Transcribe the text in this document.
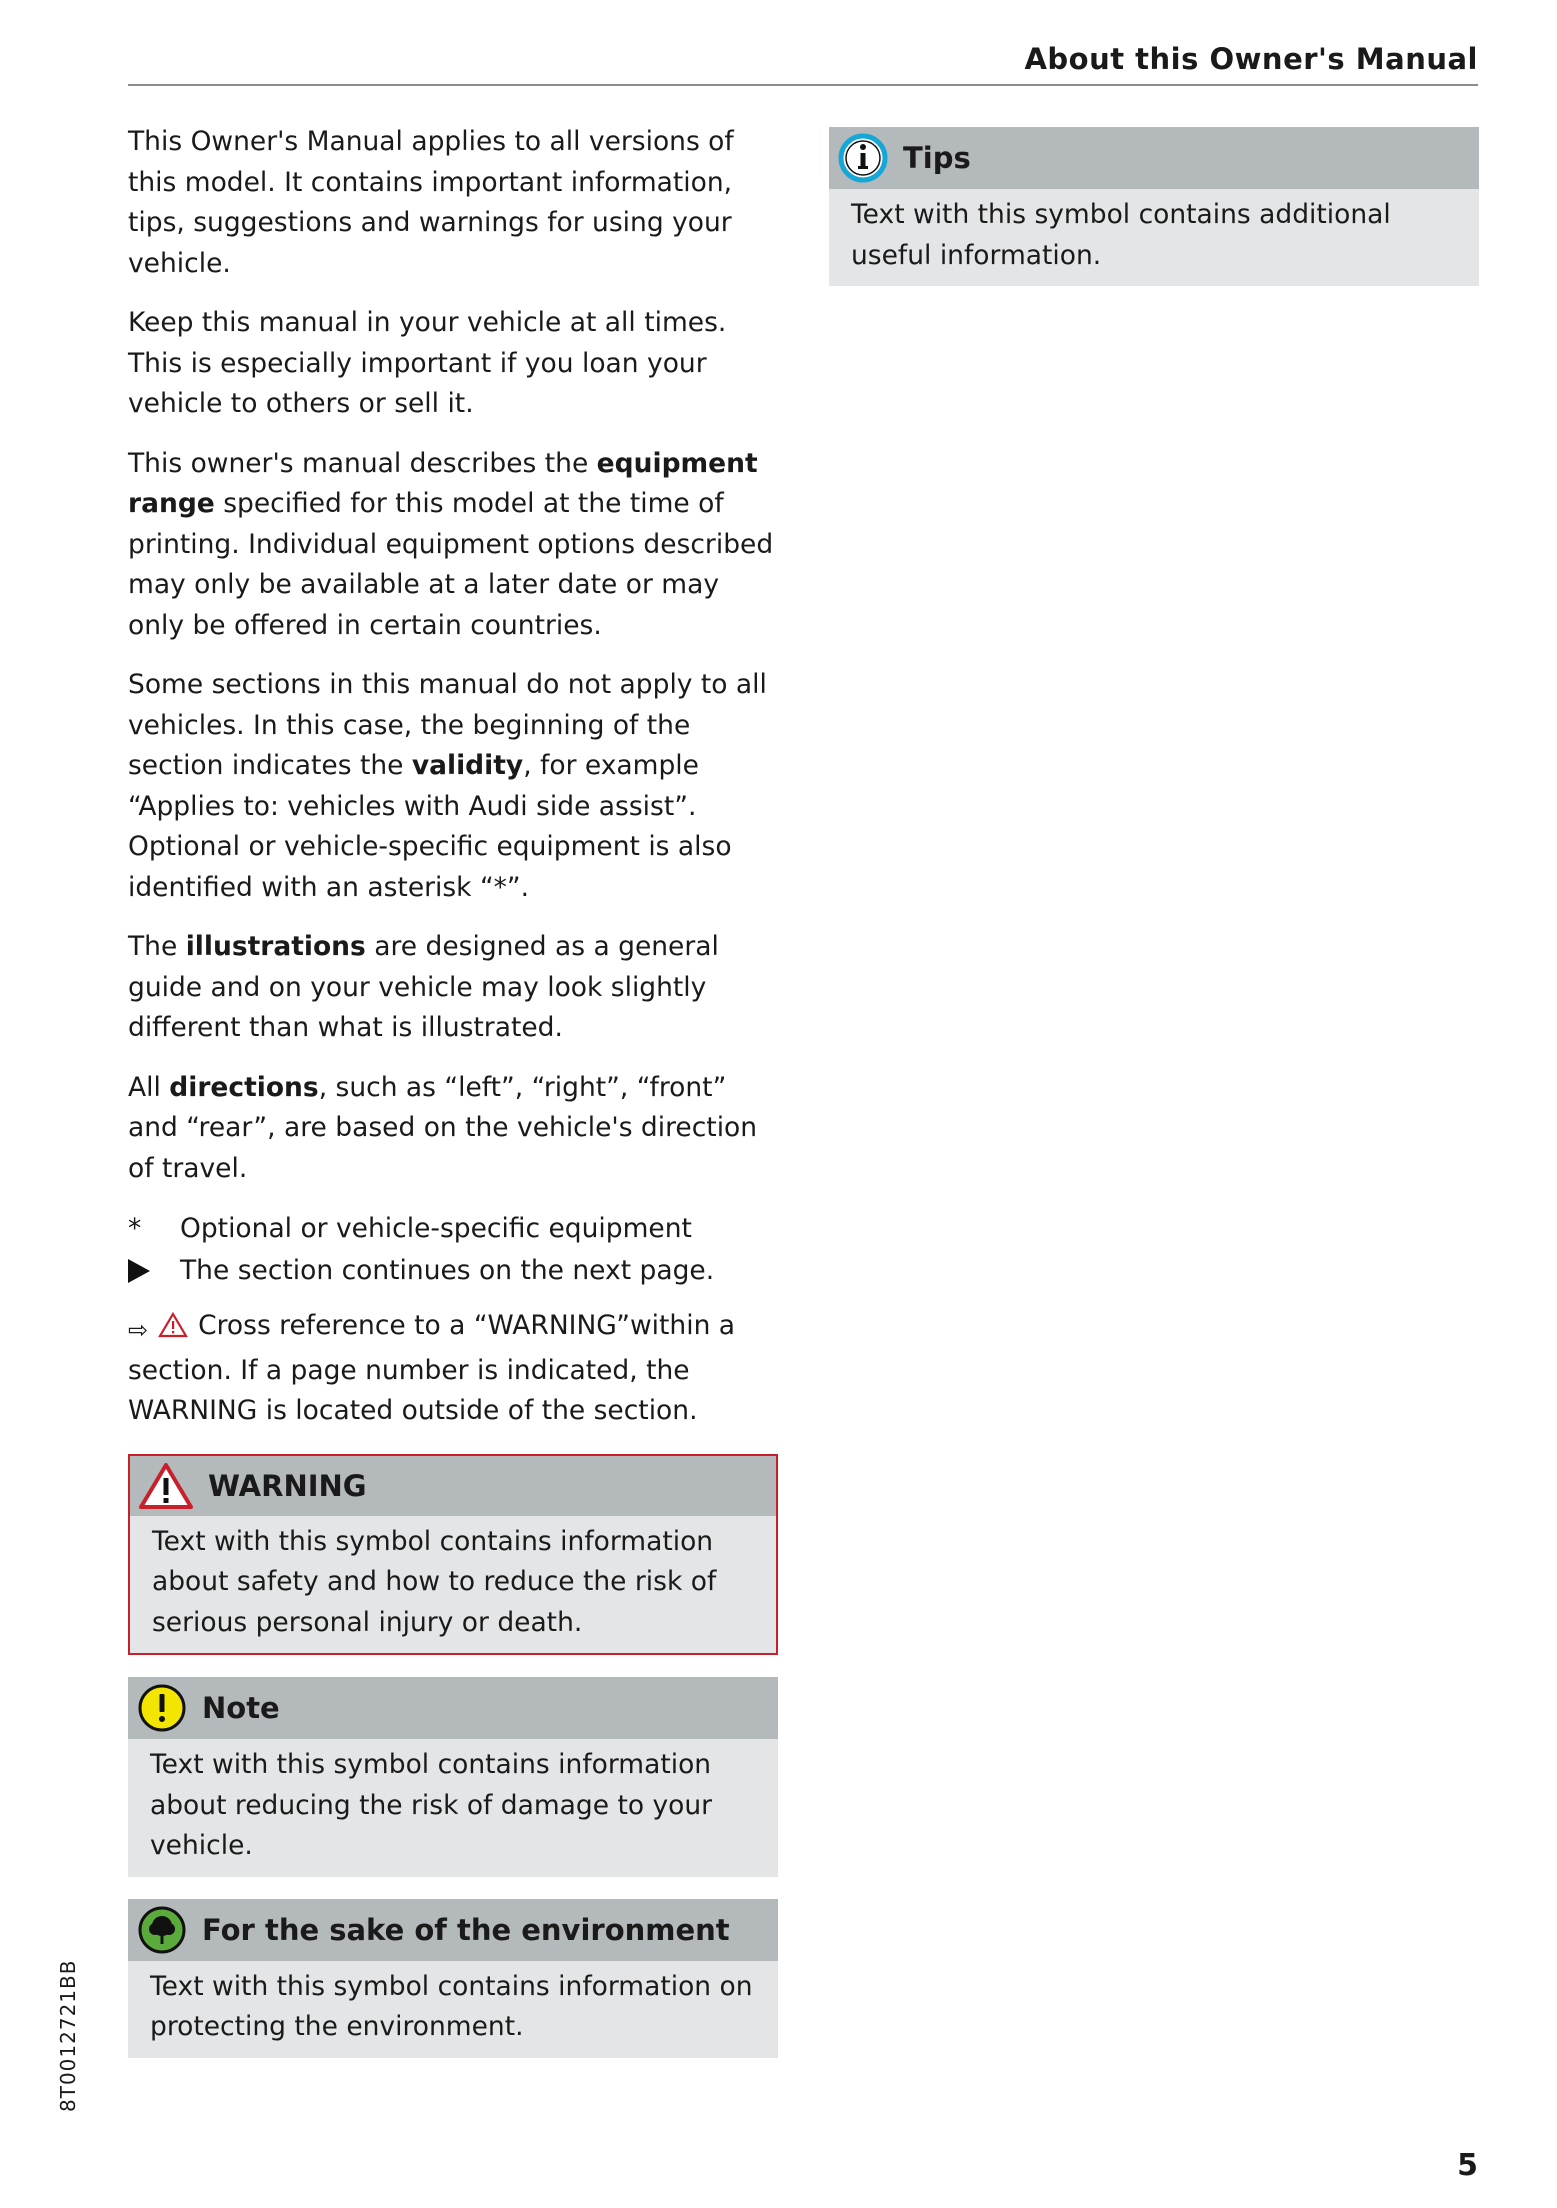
About this Owner's Manual

This Owner's Manual applies to all versions of this model. It contains important information, tips, suggestions and warnings for using your vehicle.

Keep this manual in your vehicle at all times. This is especially important if you loan your vehicle to others or sell it.

This owner's manual describes the equipment range specified for this model at the time of printing. Individual equipment options described may only be available at a later date or may only be offered in certain countries.

Some sections in this manual do not apply to all vehicles. In this case, the beginning of the section indicates the validity, for example “Applies to: vehicles with Audi side assist”. Optional or vehicle-specific equipment is also identified with an asterisk “*”.

The illustrations are designed as a general guide and on your vehicle may look slightly different than what is illustrated.

All directions, such as “left”, “right”, “front” and “rear”, are based on the vehicle's direction of travel.

*	Optional or vehicle-specific equipment
The section continues on the next page.

⇨ Cross reference to a “WARNING”within a section. If a page number is indicated, the WARNING is located outside of the section.

WARNING
Text with this symbol contains information about safety and how to reduce the risk of serious personal injury or death.
Note
Text with this symbol contains information about reducing the risk of damage to your vehicle.
For the sake of the environment
Text with this symbol contains information on protecting the environment.
Tips
Text with this symbol contains additional useful information.
8T0012721BB
5
